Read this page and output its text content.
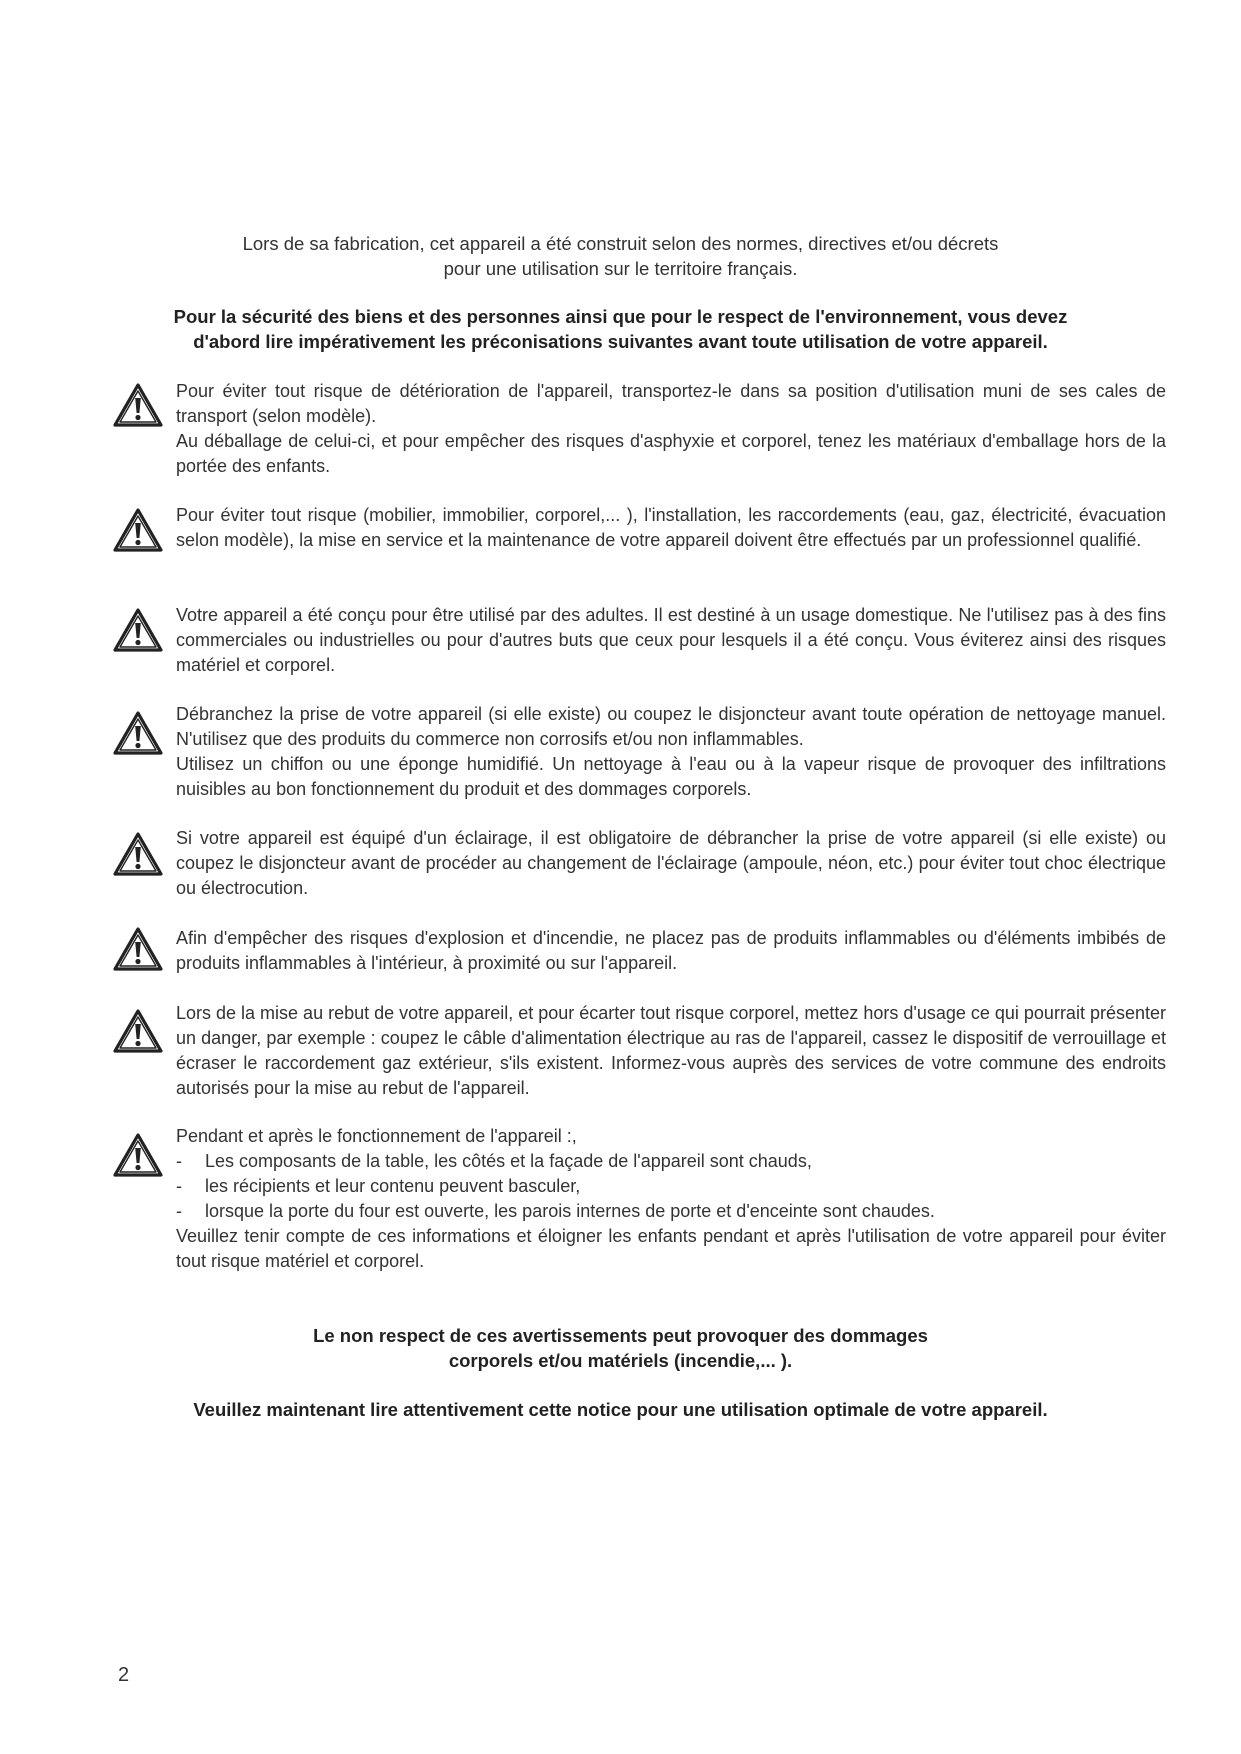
Lors de sa fabrication, cet appareil a été construit selon des normes, directives et/ou décrets
pour une utilisation sur le territoire français.
Pour la sécurité des biens et des personnes ainsi que pour le respect de l'environnement, vous devez
d'abord lire impérativement les préconisations suivantes avant toute utilisation de votre appareil.
Pour éviter tout risque de détérioration de l'appareil, transportez-le dans sa position d'utilisation muni de ses cales de transport (selon modèle).
Au déballage de celui-ci, et pour empêcher des risques d'asphyxie et corporel, tenez les matériaux d'emballage hors de la portée des enfants.
Pour éviter tout risque (mobilier, immobilier, corporel,... ), l'installation, les raccordements (eau, gaz, électricité, évacuation selon modèle), la mise en service et la maintenance de votre appareil doivent être effectués par un professionnel qualifié.
Votre appareil a été conçu pour être utilisé par des adultes. Il est destiné à un usage domestique. Ne l'utilisez pas à des fins commerciales ou industrielles ou pour d'autres buts que ceux pour lesquels il a été conçu. Vous éviterez ainsi des risques matériel et corporel.
Débranchez la prise de votre appareil (si elle existe) ou coupez le disjoncteur avant toute opération de nettoyage manuel. N'utilisez que des produits du commerce non corrosifs et/ou non inflammables.
Utilisez un chiffon ou une éponge humidifié. Un nettoyage à l'eau ou à la vapeur risque de provoquer des infiltrations nuisibles au bon fonctionnement du produit et des dommages corporels.
Si votre appareil est équipé d'un éclairage, il est obligatoire de débrancher la prise de votre appareil (si elle existe) ou coupez le disjoncteur avant de procéder au changement de l'éclairage (ampoule, néon, etc.) pour éviter tout choc électrique ou électrocution.
Afin d'empêcher des risques d'explosion et d'incendie, ne placez pas de produits inflammables ou d'éléments imbibés de produits inflammables à l'intérieur, à proximité ou sur l'appareil.
Lors de la mise au rebut de votre appareil, et pour écarter tout risque corporel, mettez hors d'usage ce qui pourrait présenter un danger, par exemple : coupez le câble d'alimentation électrique au ras de l'appareil, cassez le dispositif de verrouillage et écraser le raccordement gaz extérieur, s'ils existent. Informez-vous auprès des services de votre commune des endroits autorisés pour la mise au rebut de l'appareil.
Pendant et après le fonctionnement de l'appareil :,
- Les composants de la table, les côtés et la façade de l'appareil sont chauds,
- les récipients et leur contenu peuvent basculer,
- lorsque la porte du four est ouverte, les parois internes de porte et d'enceinte sont chaudes.
Veuillez tenir compte de ces informations et éloigner les enfants pendant et après l'utilisation de votre appareil pour éviter tout risque matériel et corporel.
Le non respect de ces avertissements peut provoquer des dommages
corporels et/ou matériels (incendie,... ).
Veuillez maintenant lire attentivement cette notice pour une utilisation optimale de votre appareil.
2
